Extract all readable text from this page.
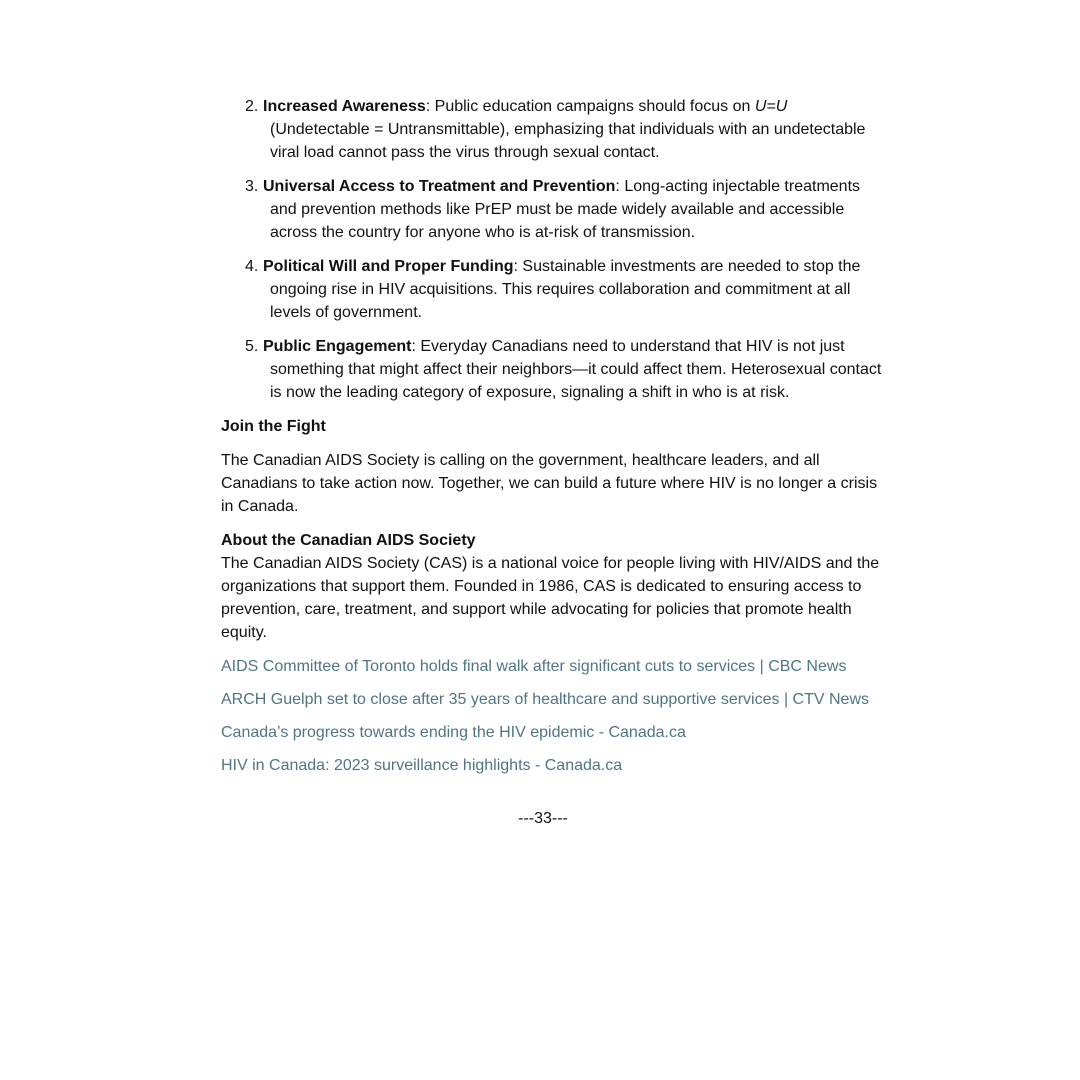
2. Increased Awareness: Public education campaigns should focus on U=U (Undetectable = Untransmittable), emphasizing that individuals with an undetectable viral load cannot pass the virus through sexual contact.
3. Universal Access to Treatment and Prevention: Long-acting injectable treatments and prevention methods like PrEP must be made widely available and accessible across the country for anyone who is at-risk of transmission.
4. Political Will and Proper Funding: Sustainable investments are needed to stop the ongoing rise in HIV acquisitions. This requires collaboration and commitment at all levels of government.
5. Public Engagement: Everyday Canadians need to understand that HIV is not just something that might affect their neighbors—it could affect them. Heterosexual contact is now the leading category of exposure, signaling a shift in who is at risk.
Join the Fight

The Canadian AIDS Society is calling on the government, healthcare leaders, and all Canadians to take action now. Together, we can build a future where HIV is no longer a crisis in Canada.

About the Canadian AIDS Society

The Canadian AIDS Society (CAS) is a national voice for people living with HIV/AIDS and the organizations that support them. Founded in 1986, CAS is dedicated to ensuring access to prevention, care, treatment, and support while advocating for policies that promote health equity.

AIDS Committee of Toronto holds final walk after significant cuts to services | CBC News
ARCH Guelph set to close after 35 years of healthcare and supportive services | CTV News
Canada’s progress towards ending the HIV epidemic - Canada.ca
HIV in Canada: 2023 surveillance highlights - Canada.ca
---33---
